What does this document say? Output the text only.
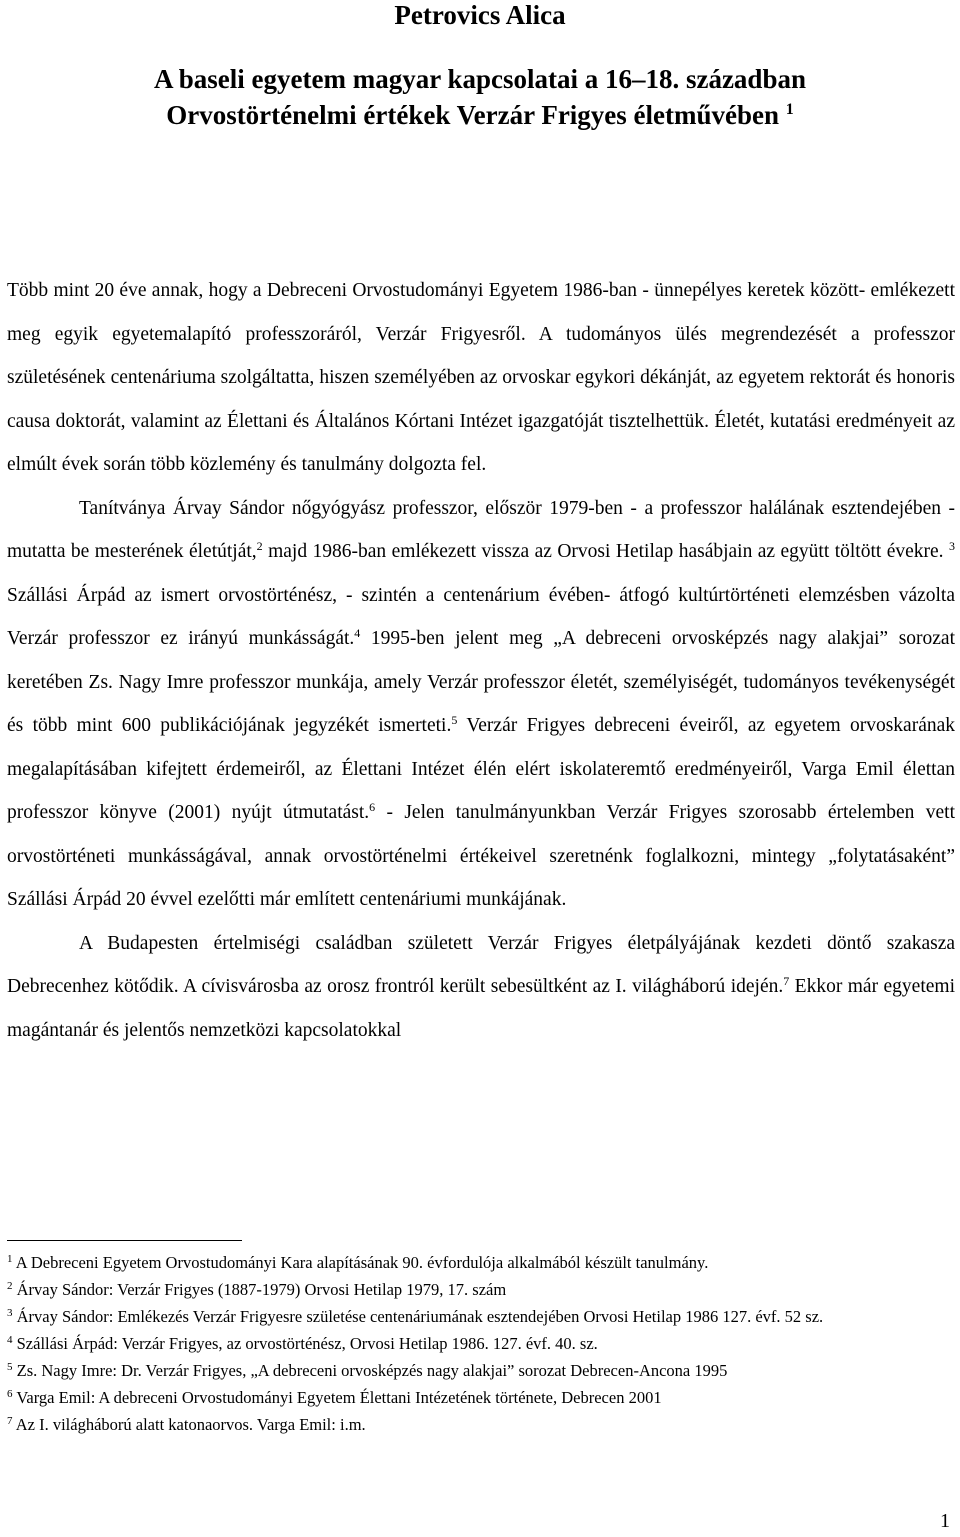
Petrovics Alica
A baseli egyetem magyar kapcsolatai a 16–18. században
Orvostörténelmi értékek Verzár Frigyes életművében $^1$

Több mint 20 éve annak, hogy a Debreceni Orvostudományi Egyetem 1986-ban - ünnepélyes keretek között- emlékezett meg egyik egyetemalapító professzoráról, Verzár Frigyesről. A tudományos ülés megrendezését a professzor születésének centenáriuma szolgáltatta, hiszen személyében az orvoskar egykori dékánját, az egyetem rektorát és honoris causa doktorát, valamint az Élettani és Általános Kórtani Intézet igazgatóját tisztelhettük. Életét, kutatási eredményeit az elmúlt évek során több közlemény és tanulmány dolgozta fel.

Tanítványa Árvay Sándor nőgyógyász professzor, először 1979-ben - a professzor halálának esztendejében - mutatta be mesterének életútját,$^2$ majd 1986-ban emlékezett vissza az Orvosi Hetilap hasábjain az együtt töltött évekre. $^3$ Szállási Árpád az ismert orvostörténész, - szintén a centenárium évében- átfogó kultúrtörténeti elemzésben vázolta Verzár professzor ez irányú munkásságát.$^4$ 1995-ben jelent meg „A debreceni orvosképzés nagy alakjai” sorozat keretében Zs. Nagy Imre professzor munkája, amely Verzár professzor életét, személyiségét, tudományos tevékenységét és több mint 600 publikációjának jegyzékét ismerteti.$^5$ Verzár Frigyes debreceni éveiről, az egyetem orvoskarának megalapításában kifejtett érdemeiről, az Élettani Intézet élén elért iskolateremtő eredményeiről, Varga Emil élettan professzor könyve (2001) nyújt útmutatást.$^6$ - Jelen tanulmányunkban Verzár Frigyes szorosabb értelemben vett orvostörténeti munkásságával, annak orvostörténelmi értékeivel szeretnénk foglalkozni, mintegy „folytatásaként” Szállási Árpád 20 évvel ezelőtti már említett centenáriumi munkájának.

A Budapesten értelmiségi családban született Verzár Frigyes életpályájának kezdeti döntő szakasza Debrecenhez kötődik. A cívisvárosba az orosz frontról került sebesültként az I. világháború idején.$^7$ Ekkor már egyetemi magántanár és jelentős nemzetközi kapcsolatokkal

$^1$ A Debreceni Egyetem Orvostudományi Kara alapításának 90. évfordulója alkalmából készült tanulmány.
$^2$ Árvay Sándor: Verzár Frigyes (1887-1979) Orvosi Hetilap 1979, 17. szám
$^3$ Árvay Sándor: Emlékezés Verzár Frigyesre születése centenáriumának esztendejében Orvosi Hetilap 1986 127. évf. 52 sz.
$^4$ Szállási Árpád: Verzár Frigyes, az orvostörténész, Orvosi Hetilap 1986. 127. évf. 40. sz.
$^5$ Zs. Nagy Imre: Dr. Verzár Frigyes, „A debreceni orvosképzés nagy alakjai” sorozat Debrecen-Ancona 1995
$^6$ Varga Emil: A debreceni Orvostudományi Egyetem Élettani Intézetének története, Debrecen 2001
$^7$ Az I. világháború alatt katonaorvos. Varga Emil: i.m.
1
